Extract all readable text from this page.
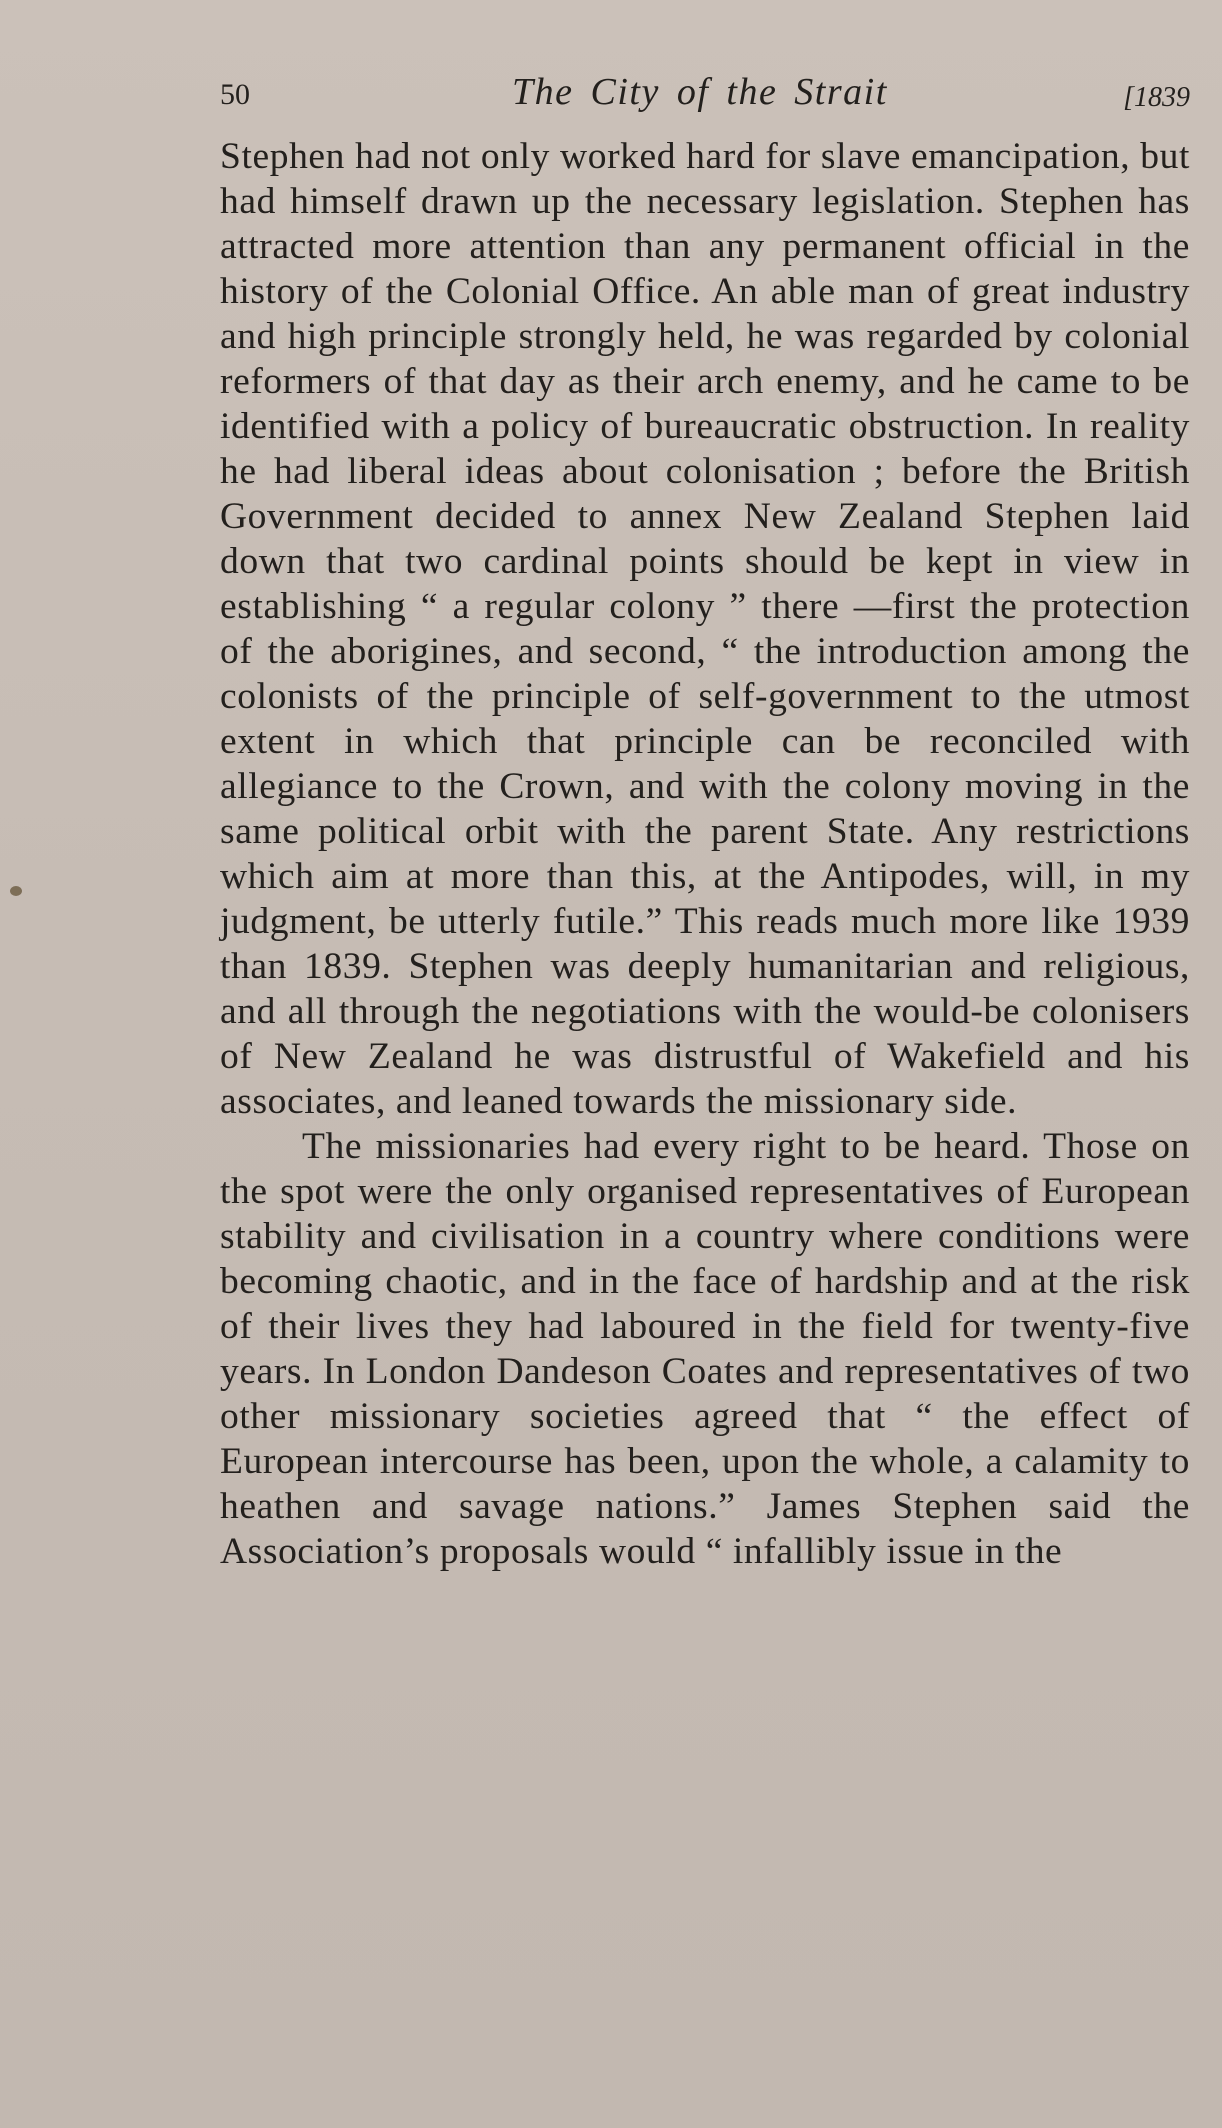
50	The City of the Strait	[1839

Stephen had not only worked hard for slave emancipation, but had himself drawn up the necessary legislation. Stephen has attracted more attention than any permanent official in the history of the Colonial Office. An able man of great industry and high principle strongly held, he was regarded by colonial reformers of that day as their arch enemy, and he came to be identified with a policy of bureaucratic obstruction. In reality he had liberal ideas about colonisation ; before the British Government decided to annex New Zealand Stephen laid down that two cardinal points should be kept in view in establishing “ a regular colony ” there —first the protection of the aborigines, and second, “ the introduction among the colonists of the principle of self-government to the utmost extent in which that principle can be reconciled with allegiance to the Crown, and with the colony moving in the same political orbit with the parent State. Any restrictions which aim at more than this, at the Antipodes, will, in my judgment, be utterly futile.” This reads much more like 1939 than 1839. Stephen was deeply humanitarian and religious, and all through the negotiations with the would-be colonisers of New Zealand he was distrustful of Wakefield and his associates, and leaned towards the missionary side.

The missionaries had every right to be heard. Those on the spot were the only organised representatives of European stability and civilisation in a country where conditions were becoming chaotic, and in the face of hardship and at the risk of their lives they had laboured in the field for twenty-five years. In London Dandeson Coates and representatives of two other missionary societies agreed that “ the effect of European intercourse has been, upon the whole, a calamity to heathen and savage nations.” James Stephen said the Association’s proposals would “ infallibly issue in the
